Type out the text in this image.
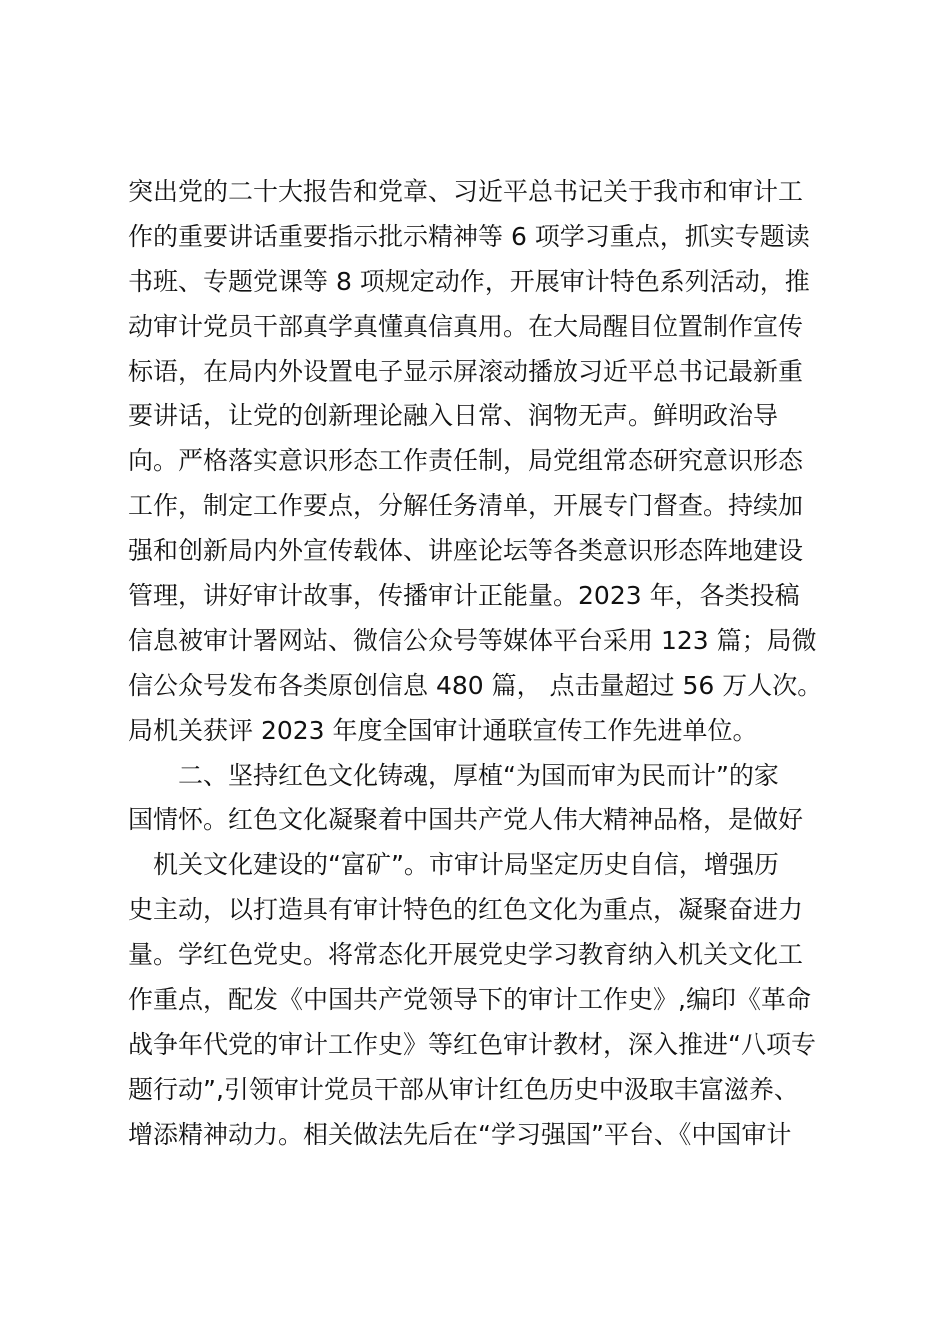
突出党的二十大报告和党章、习近平总书记关于我市和审计工
作的重要讲话重要指示批示精神等 6 项学习重点，抓实专题读
书班、专题党课等 8 项规定动作，开展审计特色系列活动，推
动审计党员干部真学真懂真信真用。在大局醒目位置制作宣传
标语，在局内外设置电子显示屏滚动播放习近平总书记最新重
要讲话，让党的创新理论融入日常、润物无声。鲜明政治导
向。严格落实意识形态工作责任制，局党组常态研究意识形态
工作，制定工作要点，分解任务清单，开展专门督查。持续加
强和创新局内外宣传载体、讲座论坛等各类意识形态阵地建设
管理，讲好审计故事，传播审计正能量。2023 年，各类投稿
信息被审计署网站、微信公众号等媒体平台采用 123 篇；局微
信公众号发布各类原创信息 480 篇， 点击量超过 56 万人次。
局机关获评 2023 年度全国审计通联宣传工作先进单位。
　　二、坚持红色文化铸魂，厚植“为国而审为民而计”的家
国情怀。红色文化凝聚着中国共产党人伟大精神品格，是做好
　机关文化建设的“富矿”。市审计局坚定历史自信，增强历
史主动，以打造具有审计特色的红色文化为重点，凝聚奋进力
量。学红色党史。将常态化开展党史学习教育纳入机关文化工
作重点，配发《中国共产党领导下的审计工作史》,编印《革命
战争年代党的审计工作史》等红色审计教材，深入推进“八项专
题行动”,引领审计党员干部从审计红色历史中汲取丰富滋养、
增添精神动力。相关做法先后在“学习强国”平台、《中国审计
